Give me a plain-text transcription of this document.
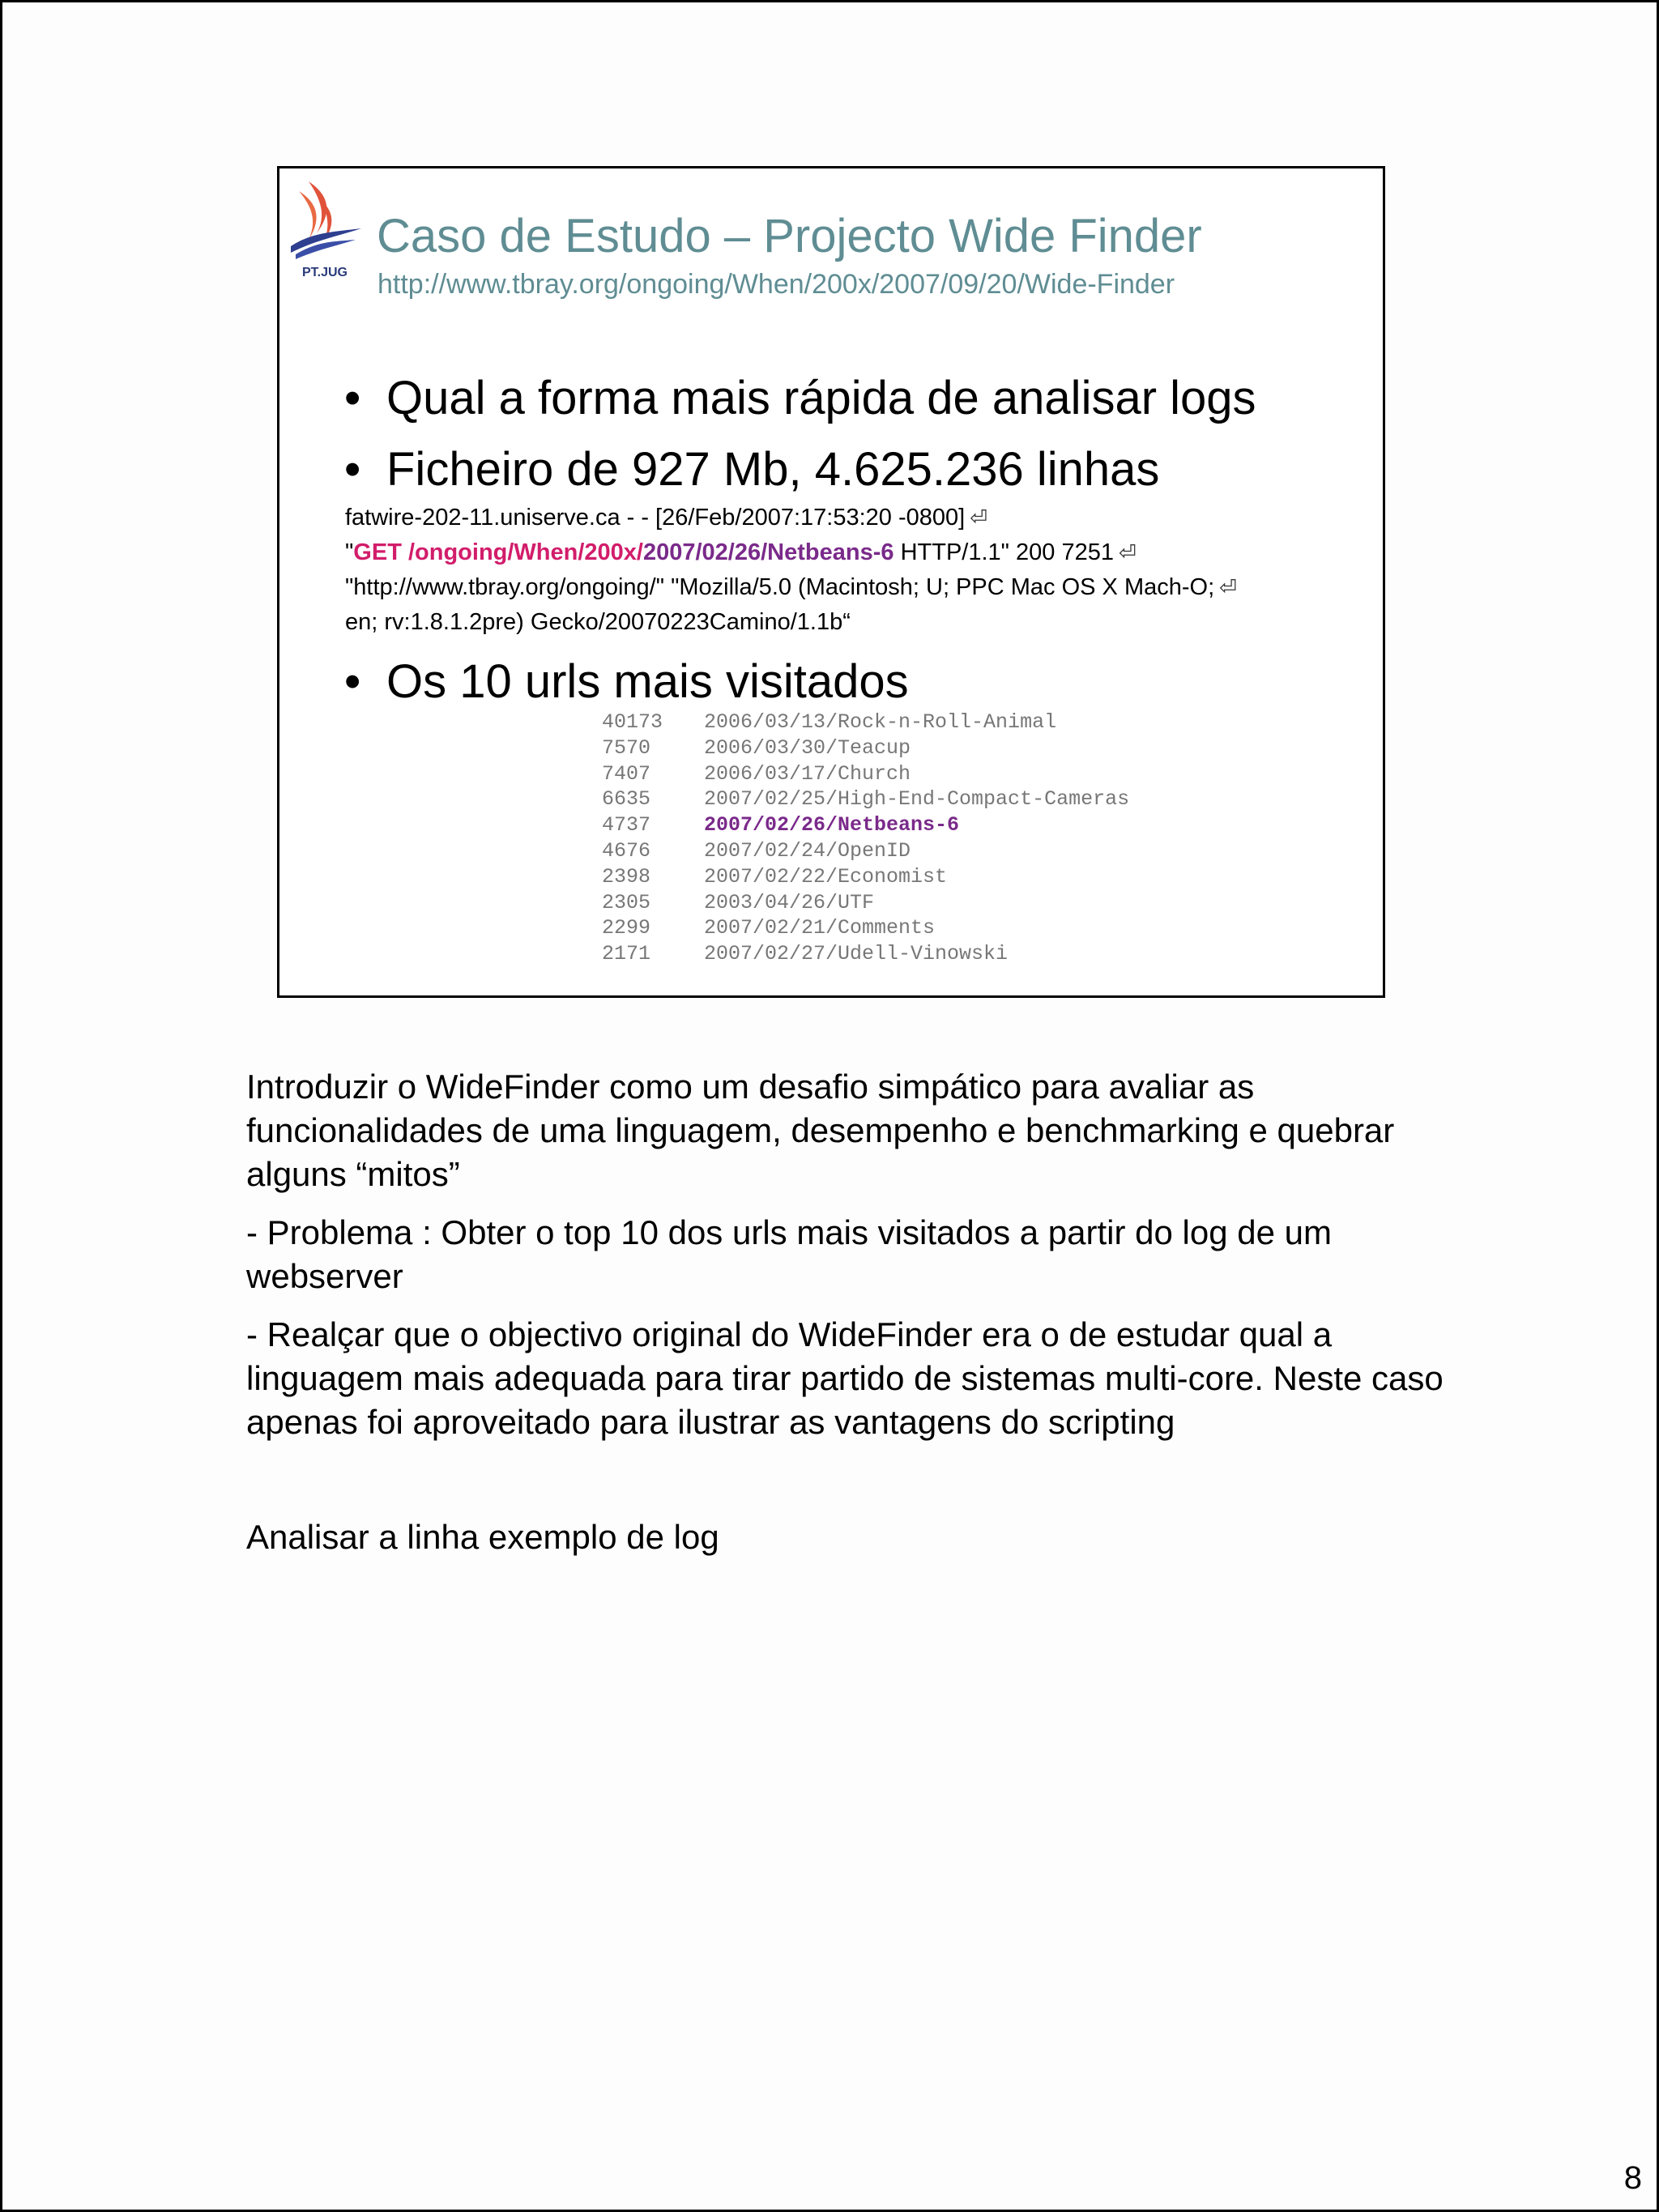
PT.JUG
Caso de Estudo – Projecto Wide Finder
http://www.tbray.org/ongoing/When/200x/2007/09/20/Wide-Finder
• Qual a forma mais rápida de analisar logs
• Ficheiro de 927 Mb, 4.625.236 linhas
fatwire-202-11.uniserve.ca - - [26/Feb/2007:17:53:20 -0800] ⏎
"GET /ongoing/When/200x/2007/02/26/Netbeans-6 HTTP/1.1" 200 7251 ⏎
"http://www.tbray.org/ongoing/" "Mozilla/5.0 (Macintosh; U; PPC Mac OS X Mach-O; ⏎
en; rv:1.8.1.2pre) Gecko/20070223Camino/1.1b“
• Os 10 urls mais visitados
40173 2006/03/13/Rock-n-Roll-Animal
7570	2006/03/30/Teacup
7407	2006/03/17/Church
6635	2007/02/25/High-End-Compact-Cameras
4737	2007/02/26/Netbeans-6
4676	2007/02/24/OpenID
2398	2007/02/22/Economist
2305	2003/04/26/UTF
2299	2007/02/21/Comments
2171	2007/02/27/Udell-Vinowski

Introduzir o WideFinder como um desafio simpático para avaliar as funcionalidades de uma linguagem, desempenho e benchmarking e quebrar alguns “mitos”

- Problema : Obter o top 10 dos urls mais visitados a partir do log de um webserver

- Realçar que o objectivo original do WideFinder era o de estudar qual a linguagem mais adequada para tirar partido de sistemas multi-core. Neste caso apenas foi aproveitado para ilustrar as vantagens do scripting

Analisar a linha exemplo de log

8
